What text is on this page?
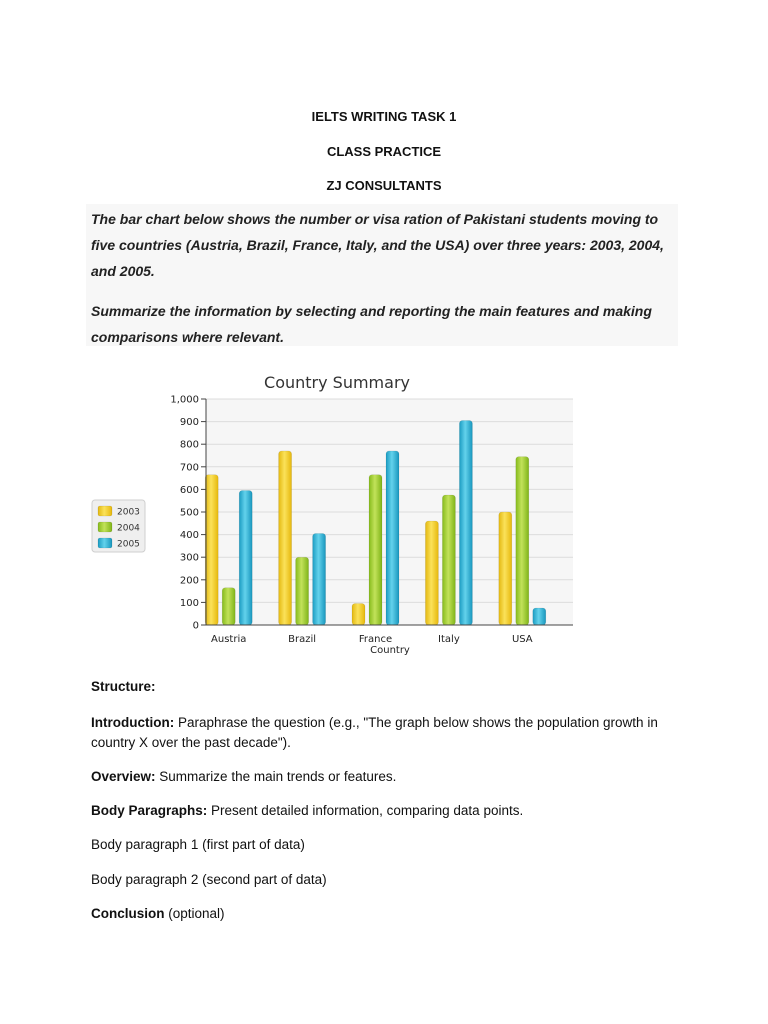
IELTS WRITING TASK 1

CLASS PRACTICE

ZJ CONSULTANTS

The bar chart below shows the number or visa ration of Pakistani students moving to five countries (Austria, Brazil, France, Italy, and the USA) over three years: 2003, 2004, and 2005.

Summarize the information by selecting and reporting the main features and making comparisons where relevant.

0
100
200
300
400
500
600
700
800
900
1,000
Austria	Brazil	France	Italy	USA
Country Summary
Country
2003
2004
2005

Structure:

Introduction: Paraphrase the question (e.g., "The graph below shows the population growth in country X over the past decade").

Overview: Summarize the main trends or features.

Body Paragraphs: Present detailed information, comparing data points.

Body paragraph 1 (first part of data)

Body paragraph 2 (second part of data)

Conclusion (optional)
